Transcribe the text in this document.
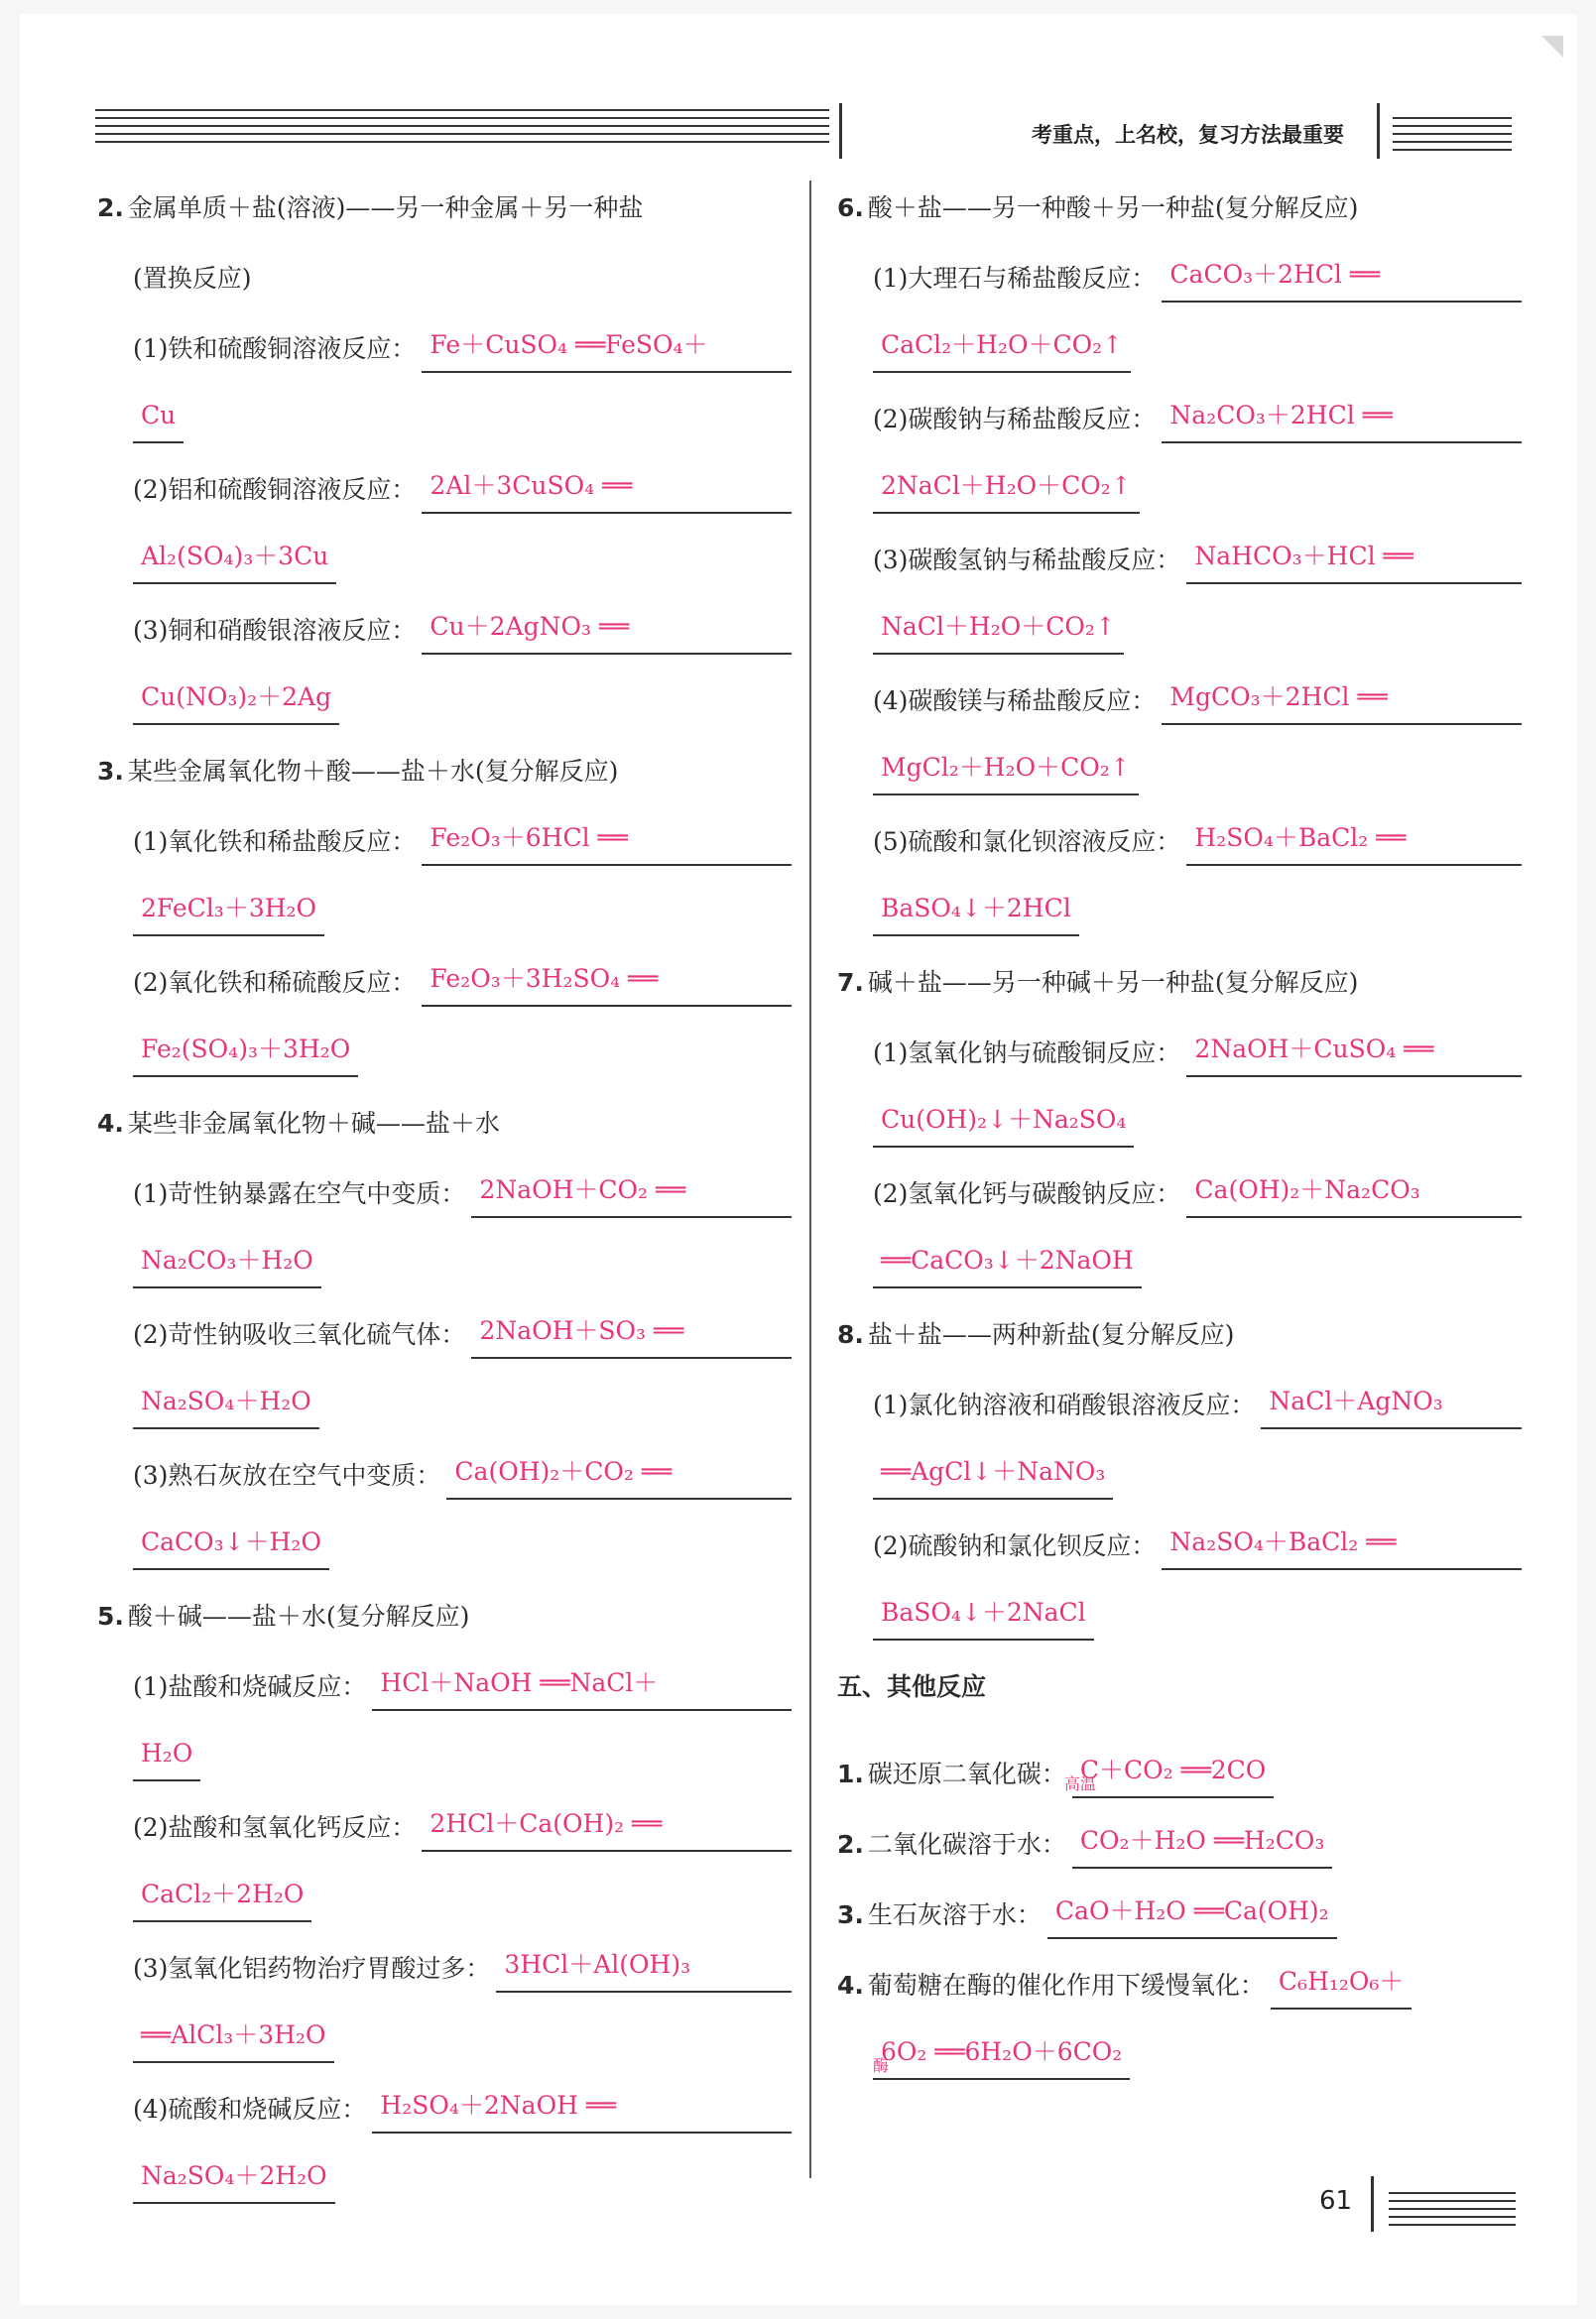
考重点，上名校，复习方法最重要
2. 金属单质＋盐(溶液)——另一种金属＋另一种盐
(置换反应)
(1)铁和硫酸铜溶液反应： Fe＋CuSO₄ ══FeSO₄＋
Cu
(2)铝和硫酸铜溶液反应： 2Al＋3CuSO₄ ══
Al₂(SO₄)₃＋3Cu
(3)铜和硝酸银溶液反应： Cu＋2AgNO₃ ══
Cu(NO₃)₂＋2Ag
3. 某些金属氧化物＋酸——盐＋水(复分解反应)
(1)氧化铁和稀盐酸反应： Fe₂O₃＋6HCl ══
2FeCl₃＋3H₂O
(2)氧化铁和稀硫酸反应： Fe₂O₃＋3H₂SO₄ ══
Fe₂(SO₄)₃＋3H₂O
4. 某些非金属氧化物＋碱——盐＋水
(1)苛性钠暴露在空气中变质： 2NaOH＋CO₂ ══
Na₂CO₃＋H₂O
(2)苛性钠吸收三氧化硫气体： 2NaOH＋SO₃ ══
Na₂SO₄＋H₂O
(3)熟石灰放在空气中变质： Ca(OH)₂＋CO₂ ══
CaCO₃↓＋H₂O
5. 酸＋碱——盐＋水(复分解反应)
(1)盐酸和烧碱反应： HCl＋NaOH ══NaCl＋
H₂O
(2)盐酸和氢氧化钙反应： 2HCl＋Ca(OH)₂ ══
CaCl₂＋2H₂O
(3)氢氧化铝药物治疗胃酸过多： 3HCl＋Al(OH)₃
══AlCl₃＋3H₂O
(4)硫酸和烧碱反应： H₂SO₄＋2NaOH ══
Na₂SO₄＋2H₂O
6. 酸＋盐——另一种酸＋另一种盐(复分解反应)
(1)大理石与稀盐酸反应： CaCO₃＋2HCl ══
CaCl₂＋H₂O＋CO₂↑
(2)碳酸钠与稀盐酸反应： Na₂CO₃＋2HCl ══
2NaCl＋H₂O＋CO₂↑
(3)碳酸氢钠与稀盐酸反应： NaHCO₃＋HCl ══
NaCl＋H₂O＋CO₂↑
(4)碳酸镁与稀盐酸反应： MgCO₃＋2HCl ══
MgCl₂＋H₂O＋CO₂↑
(5)硫酸和氯化钡溶液反应： H₂SO₄＋BaCl₂ ══
BaSO₄↓＋2HCl
7. 碱＋盐——另一种碱＋另一种盐(复分解反应)
(1)氢氧化钠与硫酸铜反应： 2NaOH＋CuSO₄ ══
Cu(OH)₂↓＋Na₂SO₄
(2)氢氧化钙与碳酸钠反应： Ca(OH)₂＋Na₂CO₃
══CaCO₃↓＋2NaOH
8. 盐＋盐——两种新盐(复分解反应)
(1)氯化钠溶液和硝酸银溶液反应： NaCl＋AgNO₃
══AgCl↓＋NaNO₃
(2)硫酸钠和氯化钡反应： Na₂SO₄＋BaCl₂ ══
BaSO₄↓＋2NaCl
五、其他反应
1. 碳还原二氧化碳：
高温
C＋CO₂ ══2CO
2. 二氧化碳溶于水： CO₂＋H₂O ══H₂CO₃
3. 生石灰溶于水： CaO＋H₂O ══Ca(OH)₂
4. 葡萄糖在酶的催化作用下缓慢氧化： C₆H₁₂O₆＋
酶
6O₂ ══6H₂O＋6CO₂
61
